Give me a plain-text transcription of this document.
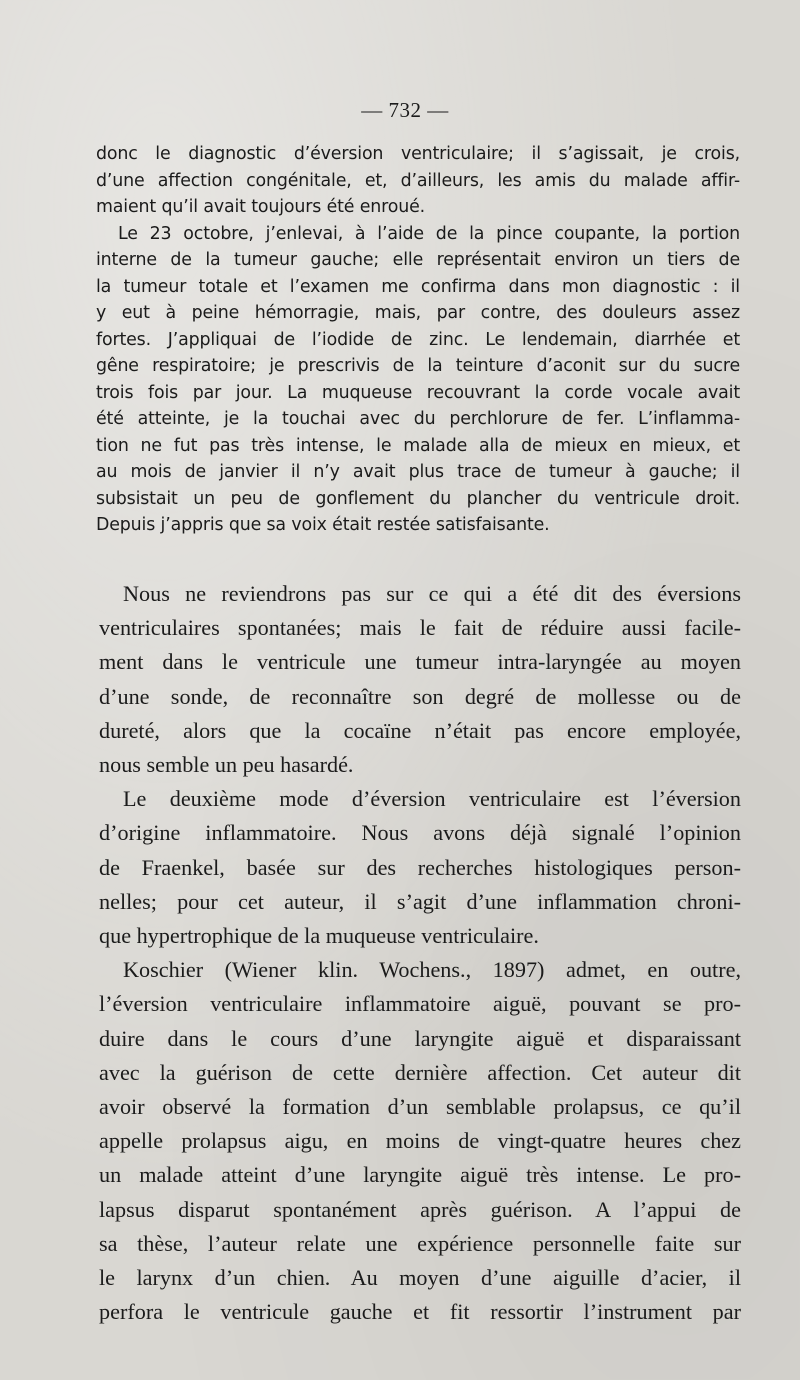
— 732 —
donc le diagnostic d’éversion ventriculaire; il s’agissait, je crois,
d’une affection congénitale, et, d’ailleurs, les amis du malade affir-
maient qu’il avait toujours été enroué.
Le 23 octobre, j’enlevai, à l’aide de la pince coupante, la portion
interne de la tumeur gauche; elle représentait environ un tiers de
la tumeur totale et l’examen me confirma dans mon diagnostic : il
y eut à peine hémorragie, mais, par contre, des douleurs assez
fortes. J’appliquai de l’iodide de zinc. Le lendemain, diarrhée et
gêne respiratoire; je prescrivis de la teinture d’aconit sur du sucre
trois fois par jour. La muqueuse recouvrant la corde vocale avait
été atteinte, je la touchai avec du perchlorure de fer. L’inflamma-
tion ne fut pas très intense, le malade alla de mieux en mieux, et
au mois de janvier il n’y avait plus trace de tumeur à gauche; il
subsistait un peu de gonflement du plancher du ventricule droit.
Depuis j’appris que sa voix était restée satisfaisante.
Nous ne reviendrons pas sur ce qui a été dit des éversions
ventriculaires spontanées; mais le fait de réduire aussi facile-
ment dans le ventricule une tumeur intra-laryngée au moyen
d’une sonde, de reconnaître son degré de mollesse ou de
dureté, alors que la cocaïne n’était pas encore employée,
nous semble un peu hasardé.
Le deuxième mode d’éversion ventriculaire est l’éversion
d’origine inflammatoire. Nous avons déjà signalé l’opinion
de Fraenkel, basée sur des recherches histologiques person-
nelles; pour cet auteur, il s’agit d’une inflammation chroni-
que hypertrophique de la muqueuse ventriculaire.
Koschier (Wiener klin. Wochens., 1897) admet, en outre,
l’éversion ventriculaire inflammatoire aiguë, pouvant se pro-
duire dans le cours d’une laryngite aiguë et disparaissant
avec la guérison de cette dernière affection. Cet auteur dit
avoir observé la formation d’un semblable prolapsus, ce qu’il
appelle prolapsus aigu, en moins de vingt-quatre heures chez
un malade atteint d’une laryngite aiguë très intense. Le pro-
lapsus disparut spontanément après guérison. A l’appui de
sa thèse, l’auteur relate une expérience personnelle faite sur
le larynx d’un chien. Au moyen d’une aiguille d’acier, il
perfora le ventricule gauche et fit ressortir l’instrument par
